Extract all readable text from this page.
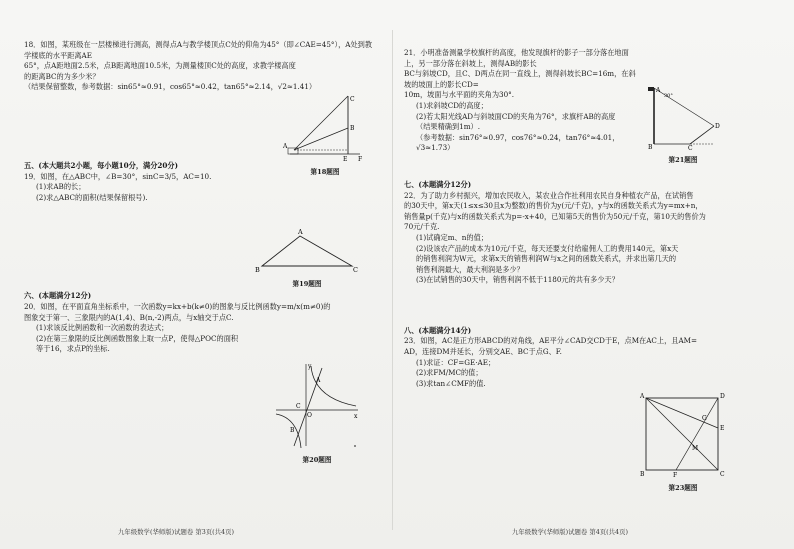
18．如图，某班级在一层楼梯进行测高，测得点A与教学楼顶点C处的仰角为45°（即∠CAE=45°），A处到教学楼底的水平距离AE

65°，点A距地面2.5米，点B距离地面10.5米，为测量楼顶C处的高度，求教学楼高度

的距离BC的为多少米？

（结果保留整数，参考数据：sin65°≈0.91，cos65°≈0.42，tan65°≈2.14，√2≈1.41）

五、(本大题共2小题，每小题10分，满分20分)

19．如图，在△ABC中，∠B=30°，sinC=3/5，AC=10.

(1)求AB的长；

(2)求△ABC的面积(结果保留根号).

六、(本题满分12分)

20．如图，在平面直角坐标系中，一次函数y=kx+b(k≠0)的图象与反比例函数y=m/x(m≠0)的

图象交于第一、三象限内的A(1,4)、B(n,-2)两点，与x轴交于点C.

(1)求该反比例函数和一次函数的表达式；

(2)在第三象限的反比例函数图象上取一点P，使得△POC的面积

等于16，求点P的坐标.

C
B
A
E F
第18题图
A
B	C
第19题图
y
x
O
A
B
C
第20题图
九年级数学(华师版)试题卷 第3页(共4页)

21．小明准备测量学校旗杆的高度，他发现旗杆的影子一部分落在地面上，另一部分落在斜坡上，测得AB的影长

BC与斜坡CD，且C、D两点在同一直线上，测得斜坡长BC=16m，在斜坡的坡面上的影长CD=

10m，坡面与水平面的夹角为30°.

(1)求斜坡CD的高度；

(2)若太阳光线AD与斜坡面CD的夹角为76°，求旗杆AB的高度

（结果精确到1m）.

（参考数据：sin76°≈0.97，cos76°≈0.24，tan76°≈4.01，√3≈1.73）

七、(本题满分12分)

22．为了助力乡村振兴，增加农民收入，某农业合作社利用农民自身种植农产品，在试销售

的30天中，第x天(1≤x≤30且x为整数)的售价为y(元/千克)，y与x的函数关系式为y=mx+n，

销售量p(千克)与x的函数关系式为p=-x+40，已知第5天的售价为50元/千克，第10天的售价为

70元/千克.

(1)试确定m、n的值；

(2)设该农产品的成本为10元/千克，每天还要支付给雇佣人工的费用140元，第x天

的销售利润为W元，求第x天的销售利润W与x之间的函数关系式，并求出第几天的

销售利润最大，最大利润是多少？

(3)在试销售的30天中，销售利润不低于1180元的共有多少天？

八、(本题满分14分)

23．如图，AC是正方形ABCD的对角线，AE平分∠CAD交CD于E，点M在AC上，且AM=

AD，连接DM并延长，分别交AE、BC于点G、F.

(1)求证：CF=GE·AE；

(2)求FM/MC的值；

(3)求tan∠CMF的值.

A
B	C
D
30°
第21题图
A
B	C
D
E
F
G
M
第23题图
九年级数学(华师版)试题卷 第4页(共4页)
